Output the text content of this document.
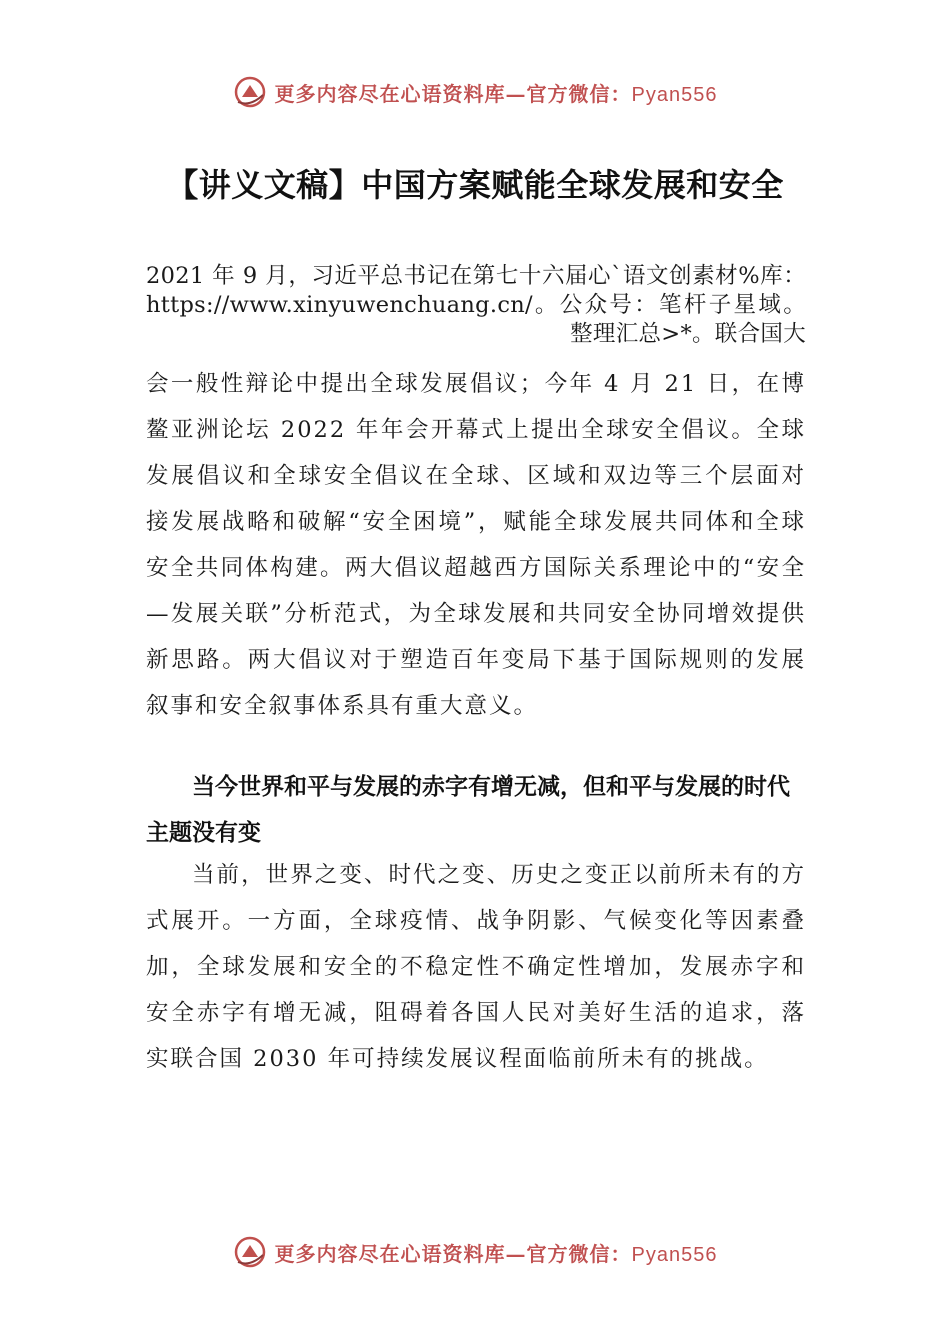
更多内容尽在心语资料库—官方微信：Pyan556
【讲义文稿】中国方案赋能全球发展和安全
2021 年 9 月，习近平总书记在第七十六届心`语文创素材%库：https://www.xinyuwenchuang.cn/。公众号：笔杆子星域。整理汇总>*。联合国大
会一般性辩论中提出全球发展倡议；今年 4 月 21 日，在博鳌亚洲论坛 2022 年年会开幕式上提出全球安全倡议。全球发展倡议和全球安全倡议在全球、区域和双边等三个层面对接发展战略和破解“安全困境”，赋能全球发展共同体和全球安全共同体构建。两大倡议超越西方国际关系理论中的“安全—发展关联”分析范式，为全球发展和共同安全协同增效提供新思路。两大倡议对于塑造百年变局下基于国际规则的发展叙事和安全叙事体系具有重大意义。
当今世界和平与发展的赤字有增无减，但和平与发展的时代主题没有变
当前，世界之变、时代之变、历史之变正以前所未有的方式展开。一方面，全球疫情、战争阴影、气候变化等因素叠加，全球发展和安全的不稳定性不确定性增加，发展赤字和安全赤字有增无减，阻碍着各国人民对美好生活的追求，落实联合国 2030 年可持续发展议程面临前所未有的挑战。
更多内容尽在心语资料库—官方微信：Pyan556
